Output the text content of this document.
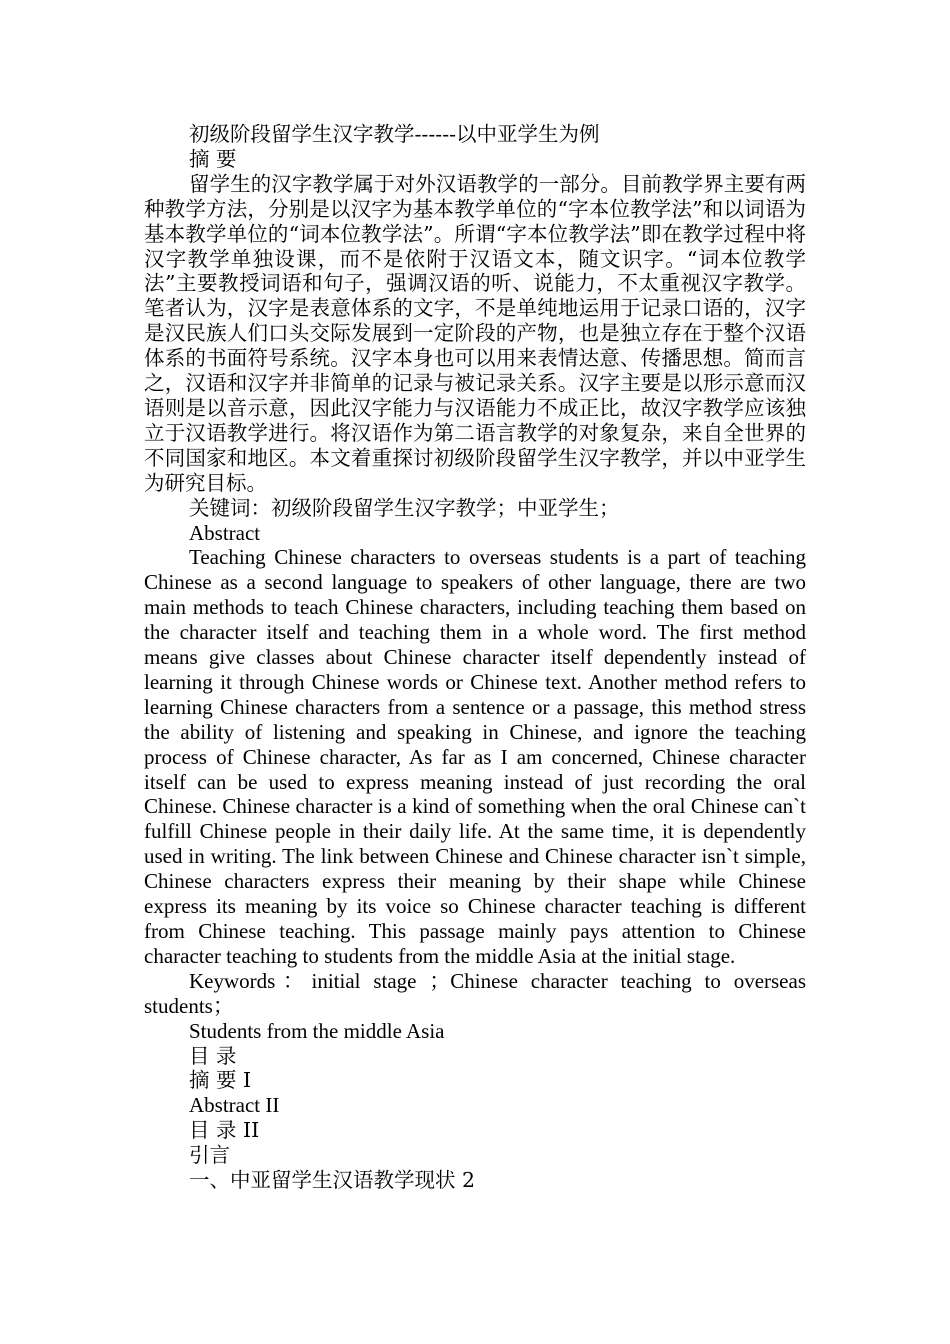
初级阶段留学生汉字教学------以中亚学生为例

摘 要

留学生的汉字教学属于对外汉语教学的一部分。目前教学界主要有两种教学方法，分别是以汉字为基本教学单位的“字本位教学法”和以词语为基本教学单位的“词本位教学法”。所谓“字本位教学法”即在教学过程中将汉字教学单独设课，而不是依附于汉语文本，随文识字。“词本位教学法”主要教授词语和句子，强调汉语的听、说能力，不太重视汉字教学。笔者认为，汉字是表意体系的文字，不是单纯地运用于记录口语的，汉字是汉民族人们口头交际发展到一定阶段的产物，也是独立存在于整个汉语体系的书面符号系统。汉字本身也可以用来表情达意、传播思想。简而言之，汉语和汉字并非简单的记录与被记录关系。汉字主要是以形示意而汉语则是以音示意，因此汉字能力与汉语能力不成正比，故汉字教学应该独立于汉语教学进行。将汉语作为第二语言教学的对象复杂，来自全世界的不同国家和地区。本文着重探讨初级阶段留学生汉字教学，并以中亚学生为研究目标。

关键词：初级阶段留学生汉字教学；中亚学生；

Abstract

Teaching Chinese characters to overseas students is a part of teaching Chinese as a second language to speakers of other language, there are two main methods to teach Chinese characters, including teaching them based on the character itself and teaching them in a whole word. The first method means give classes about Chinese character itself dependently instead of learning it through Chinese words or Chinese text. Another method refers to learning Chinese characters from a sentence or a passage, this method stress the ability of listening and speaking in Chinese, and ignore the teaching process of Chinese character, As far as I am concerned, Chinese character itself can be used to express meaning instead of just recording the oral Chinese. Chinese character is a kind of something when the oral Chinese can`t fulfill Chinese people in their daily life. At the same time, it is dependently used in writing. The link between Chinese and Chinese character isn`t simple, Chinese characters express their meaning by their shape while Chinese express its meaning by its voice so Chinese character teaching is different from Chinese teaching. This passage mainly pays attention to Chinese character teaching to students from the middle Asia at the initial stage.

Keywords：initial stage ；Chinese character teaching to overseas students；

Students from the middle Asia

目 录

摘 要 I

Abstract II

目 录 II

引言

一、中亚留学生汉语教学现状 2
